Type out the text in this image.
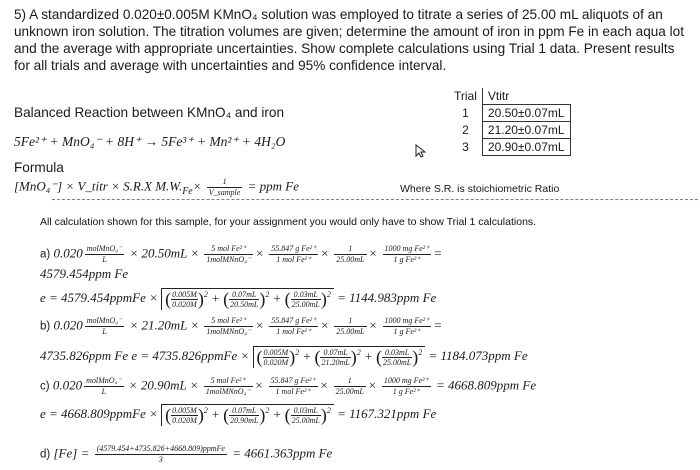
5) A standardized 0.020±0.005M KMnO₄ solution was employed to titrate a series of 25.00 mL aliquots of an unknown iron solution. The titration volumes are given; determine the amount of iron in ppm Fe in each aqua lot and the average with appropriate uncertainties. Show complete calculations using Trial 1 data. Present results for all trials and average with uncertainties and 95% confidence interval.
Trial	Vtitr
1	20.50±0.07mL
2	21.20±0.07mL
3	20.90±0.07mL
Balanced Reaction between KMnO₄ and iron
5Fe²⁺ + MnO₄⁻ + 8H⁺ → 5Fe³⁺ + Mn²⁺ + 4H₂O
Formula
[MnO₄⁻] × V_titr × S.R.X $M.W._{Fe}\times \frac{1}{\text{V\_sample}}$ = ppm Fe	Where S.R. is stoichiometric Ratio
All calculation shown for this sample, for your assignment you would only have to show Trial 1 calculations.
a) $0.020 \frac{\text{molMnO₄⁻}}{L} \times 20.50mL \times \frac{\text{5 mol Fe²⁺}}{\text{1molMNnO₄⁻}} \times \frac{\text{55.847 g Fe²⁺}}{\text{1 mol Fe²⁺}} \times \frac{1}{25.00mL} \times \frac{\text{1000 mg Fe²⁺}}{\text{1 g Fe²⁺}}$ =
4579.454ppm Fe
e = 4579.454ppmFe × ( $\frac{0.005M}{0.020M} )^2$ + ( $\frac{0.07mL}{20.50mL} )^2$ + ( $\frac{0.03mL}{25.00mL} )^2 = 1144.983ppm$ Fe
b) $0.020 \frac{\text{molMnO₄⁻}}{L} \times 21.20mL \times \frac{\text{5 mol Fe²⁺}}{\text{1molMNnO₄⁻}} \times \frac{\text{55.847 g Fe²⁺}}{\text{1 mol Fe²⁺}} \times \frac{1}{25.00mL} \times \frac{\text{1000 mg Fe²⁺}}{\text{1 g Fe²⁺}}$ =
4735.826ppm Fe e = 4735.826ppmFe × ( $\frac{0.005M}{0.020M} )^2$ + ( $\frac{0.07mL}{21.20mL} )^2$ + ( $\frac{0.03mL}{25.00mL} )^2 = 1184.073ppm$ Fe
c) $0.020 \frac{\text{molMnO₄⁻}}{L} \times 20.90mL \times \frac{\text{5 mol Fe²⁺}}{\text{1molMNnO₄⁻}} \times \frac{\text{55.847 g Fe²⁺}}{\text{1 mol Fe²⁺}} \times \frac{1}{25.00mL} \times \frac{\text{1000 mg Fe²⁺}}{\text{1 g Fe²⁺}} = 4668.809ppm$ Fe
e = 4668.809ppmFe × ( $\frac{0.005M}{0.020M} )^2$ + ( $\frac{0.07mL}{20.90mL} )^2$ + ( $\frac{0.03mL}{25.00mL} )^2 = 1167.321ppm$ Fe
d) $[Fe] = \frac{\text{(4579.454+4735.826+4668.809)ppmFe}}{3} = 4661.363ppm$ Fe
